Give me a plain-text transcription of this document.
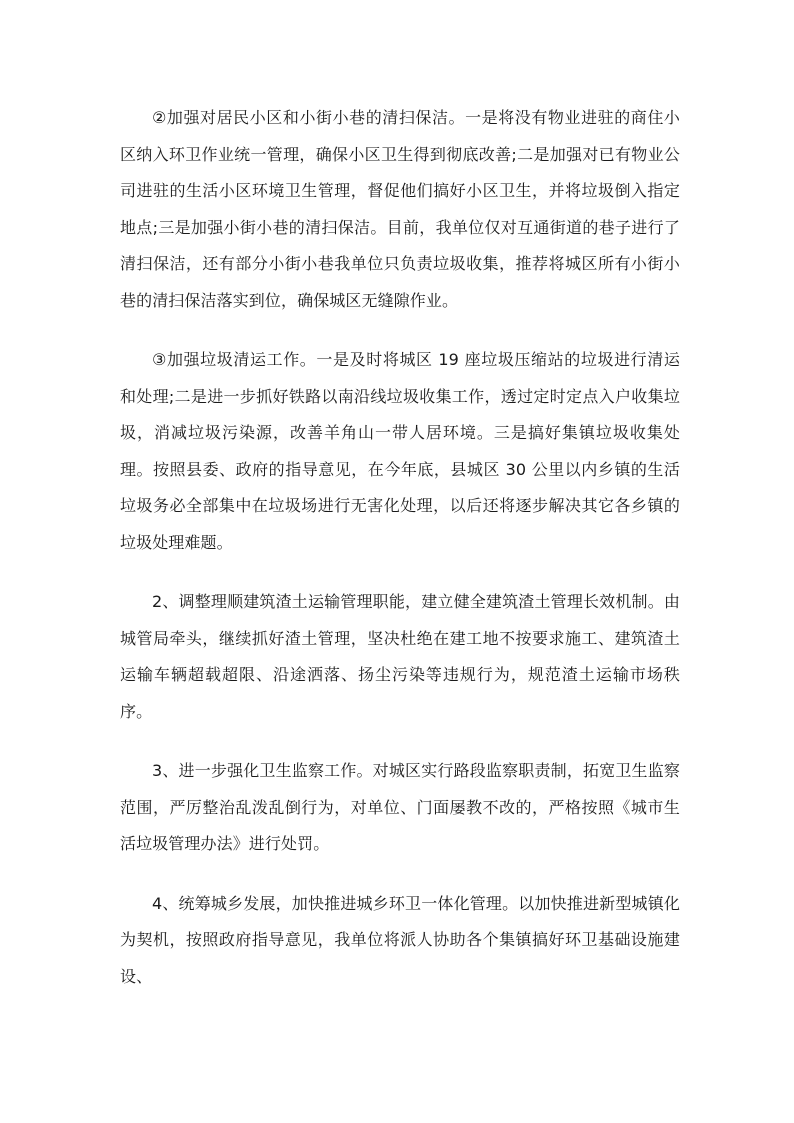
②加强对居民小区和小街小巷的清扫保洁。一是将没有物业进驻的商住小区纳入环卫作业统一管理，确保小区卫生得到彻底改善;二是加强对已有物业公司进驻的生活小区环境卫生管理，督促他们搞好小区卫生，并将垃圾倒入指定地点;三是加强小街小巷的清扫保洁。目前，我单位仅对互通街道的巷子进行了清扫保洁，还有部分小街小巷我单位只负责垃圾收集，推荐将城区所有小街小巷的清扫保洁落实到位，确保城区无缝隙作业。

③加强垃圾清运工作。一是及时将城区 19 座垃圾压缩站的垃圾进行清运和处理;二是进一步抓好铁路以南沿线垃圾收集工作，透过定时定点入户收集垃圾，消减垃圾污染源，改善羊角山一带人居环境。三是搞好集镇垃圾收集处理。按照县委、政府的指导意见，在今年底，县城区 30 公里以内乡镇的生活垃圾务必全部集中在垃圾场进行无害化处理，以后还将逐步解决其它各乡镇的垃圾处理难题。

2、调整理顺建筑渣土运输管理职能，建立健全建筑渣土管理长效机制。由城管局牵头，继续抓好渣土管理，坚决杜绝在建工地不按要求施工、建筑渣土运输车辆超载超限、沿途洒落、扬尘污染等违规行为，规范渣土运输市场秩序。

3、进一步强化卫生监察工作。对城区实行路段监察职责制，拓宽卫生监察范围，严厉整治乱泼乱倒行为，对单位、门面屡教不改的，严格按照《城市生活垃圾管理办法》进行处罚。

4、统筹城乡发展，加快推进城乡环卫一体化管理。以加快推进新型城镇化为契机，按照政府指导意见，我单位将派人协助各个集镇搞好环卫基础设施建设、
